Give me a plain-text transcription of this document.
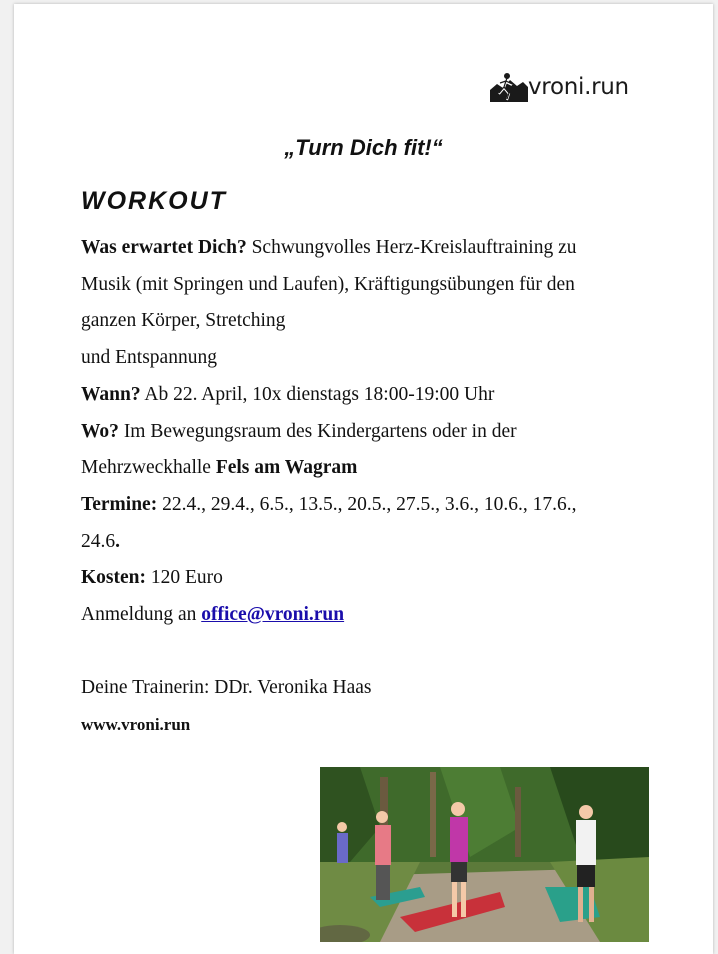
vroni.run
„Turn Dich fit!“
WORKOUT

Was erwartet Dich? Schwungvolles Herz-Kreislauftraining zu

Musik (mit Springen und Laufen), Kräftigungsübungen für den

ganzen Körper, Stretching

und Entspannung

Wann? Ab 22. April, 10x dienstags 18:00-19:00 Uhr

Wo? Im Bewegungsraum des Kindergartens oder in der

Mehrzweckhalle Fels am Wagram

Termine: 22.4., 29.4., 6.5., 13.5., 20.5., 27.5., 3.6., 10.6., 17.6.,

24.6.

Kosten: 120 Euro

Anmeldung an office@vroni.run

Deine Trainerin: DDr. Veronika Haas

www.vroni.run
